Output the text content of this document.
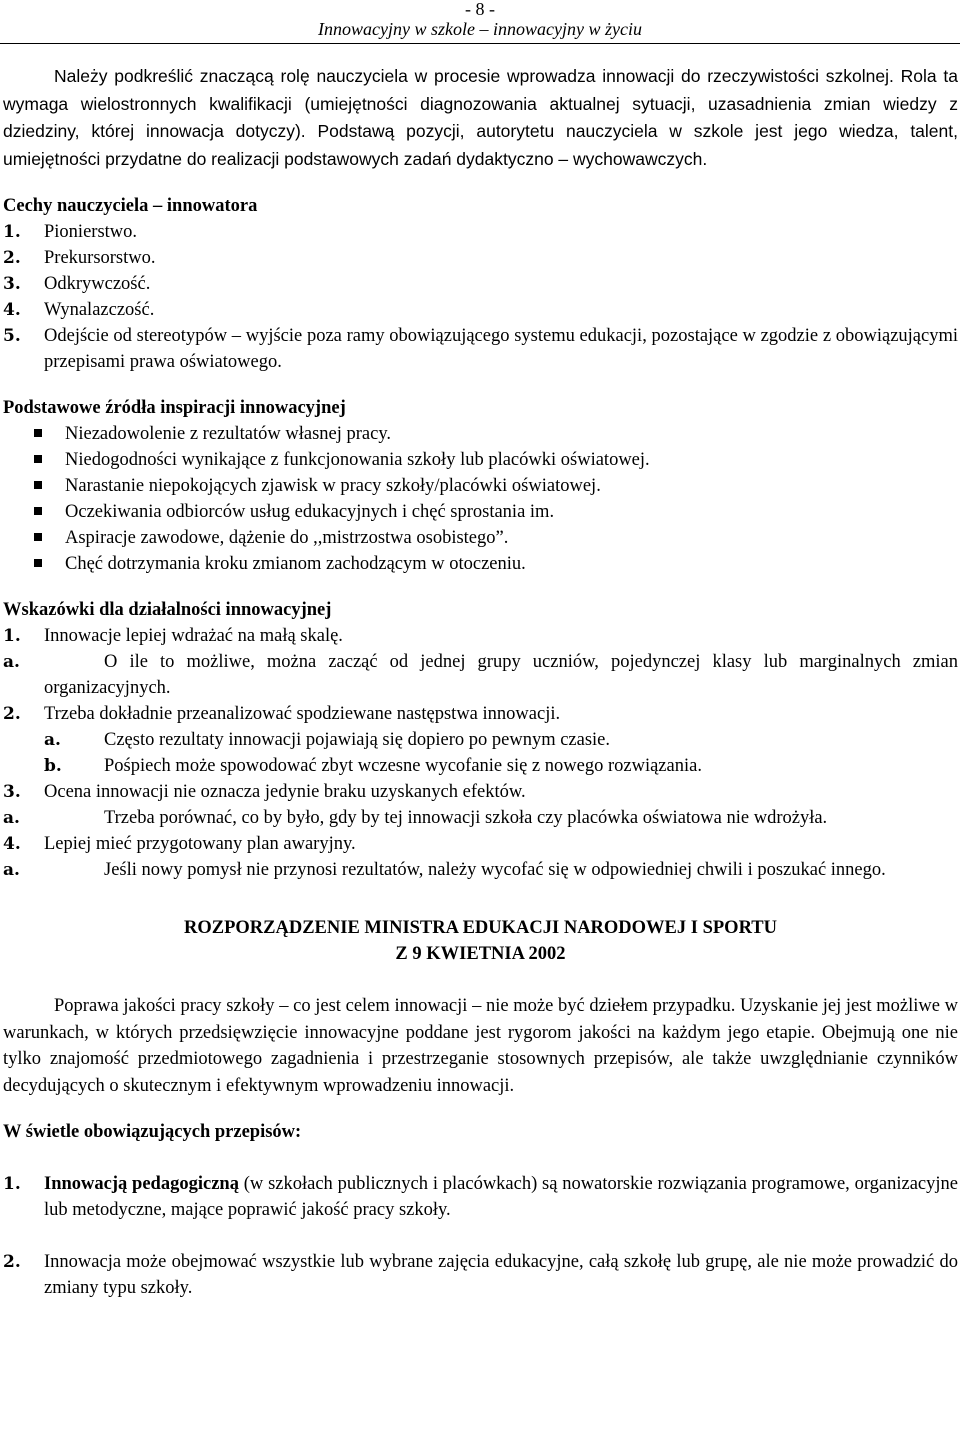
- 8 -
Innowacyjny w szkole – innowacyjny w życiu

Należy podkreślić znaczącą rolę nauczyciela w procesie wprowadza innowacji do rzeczywistości szkolnej. Rola ta wymaga wielostronnych kwalifikacji (umiejętności diagnozowania aktualnej sytuacji, uzasadnienia zmian wiedzy z dziedziny, której innowacja dotyczy). Podstawą pozycji, autorytetu nauczyciela w szkole jest jego wiedza, talent, umiejętności przydatne do realizacji podstawowych zadań dydaktyczno – wychowawczych.

Cechy nauczyciela – innowatora
1. Pionierstwo.
2. Prekursorstwo.
3. Odkrywczość.
4. Wynalazczość.
5. Odejście od stereotypów – wyjście poza ramy obowiązującego systemu edukacji, pozostające w zgodzie z obowiązującymi przepisami prawa oświatowego.
Podstawowe źródła inspiracji innowacyjnej
Niezadowolenie z rezultatów własnej pracy.
Niedogodności wynikające z funkcjonowania szkoły lub placówki oświatowej.
Narastanie niepokojących zjawisk w pracy szkoły/placówki oświatowej.
Oczekiwania odbiorców usług edukacyjnych i chęć sprostania im.
Aspiracje zawodowe, dążenie do ,,mistrzostwa osobistego”.
Chęć dotrzymania kroku zmianom zachodzącym w otoczeniu.
Wskazówki dla działalności innowacyjnej
1. Innowacje lepiej wdrażać na małą skalę.
a.	O ile to możliwe, można zacząć od jednej grupy uczniów, pojedynczej klasy lub marginalnych zmian organizacyjnych.
2. Trzeba dokładnie przeanalizować spodziewane następstwa innowacji.
a. Często rezultaty innowacji pojawiają się dopiero po pewnym czasie.
b. Pośpiech może spowodować zbyt wczesne wycofanie się z nowego rozwiązania.
3. Ocena innowacji nie oznacza jedynie braku uzyskanych efektów.
a.	Trzeba porównać, co by było, gdy by tej innowacji szkoła czy placówka oświatowa nie wdrożyła.
4. Lepiej mieć przygotowany plan awaryjny.
a.	Jeśli nowy pomysł nie przynosi rezultatów, należy wycofać się w odpowiedniej chwili i poszukać innego.
ROZPORZĄDZENIE MINISTRA EDUKACJI NARODOWEJ I SPORTU
Z 9 KWIETNIA 2002

Poprawa jakości pracy szkoły – co jest celem innowacji – nie może być dziełem przypadku. Uzyskanie jej jest możliwe w warunkach, w których przedsięwzięcie innowacyjne poddane jest rygorom jakości na każdym jego etapie. Obejmują one nie tylko znajomość przedmiotowego zagadnienia i przestrzeganie stosownych przepisów, ale także uwzględnianie czynników decydujących o skutecznym i efektywnym wprowadzeniu innowacji.

W świetle obowiązujących przepisów:
1. Innowacją pedagogiczną (w szkołach publicznych i placówkach) są nowatorskie rozwiązania programowe, organizacyjne lub metodyczne, mające poprawić jakość pracy szkoły.
2. Innowacja może obejmować wszystkie lub wybrane zajęcia edukacyjne, całą szkołę lub grupę, ale nie może prowadzić do zmiany typu szkoły.
